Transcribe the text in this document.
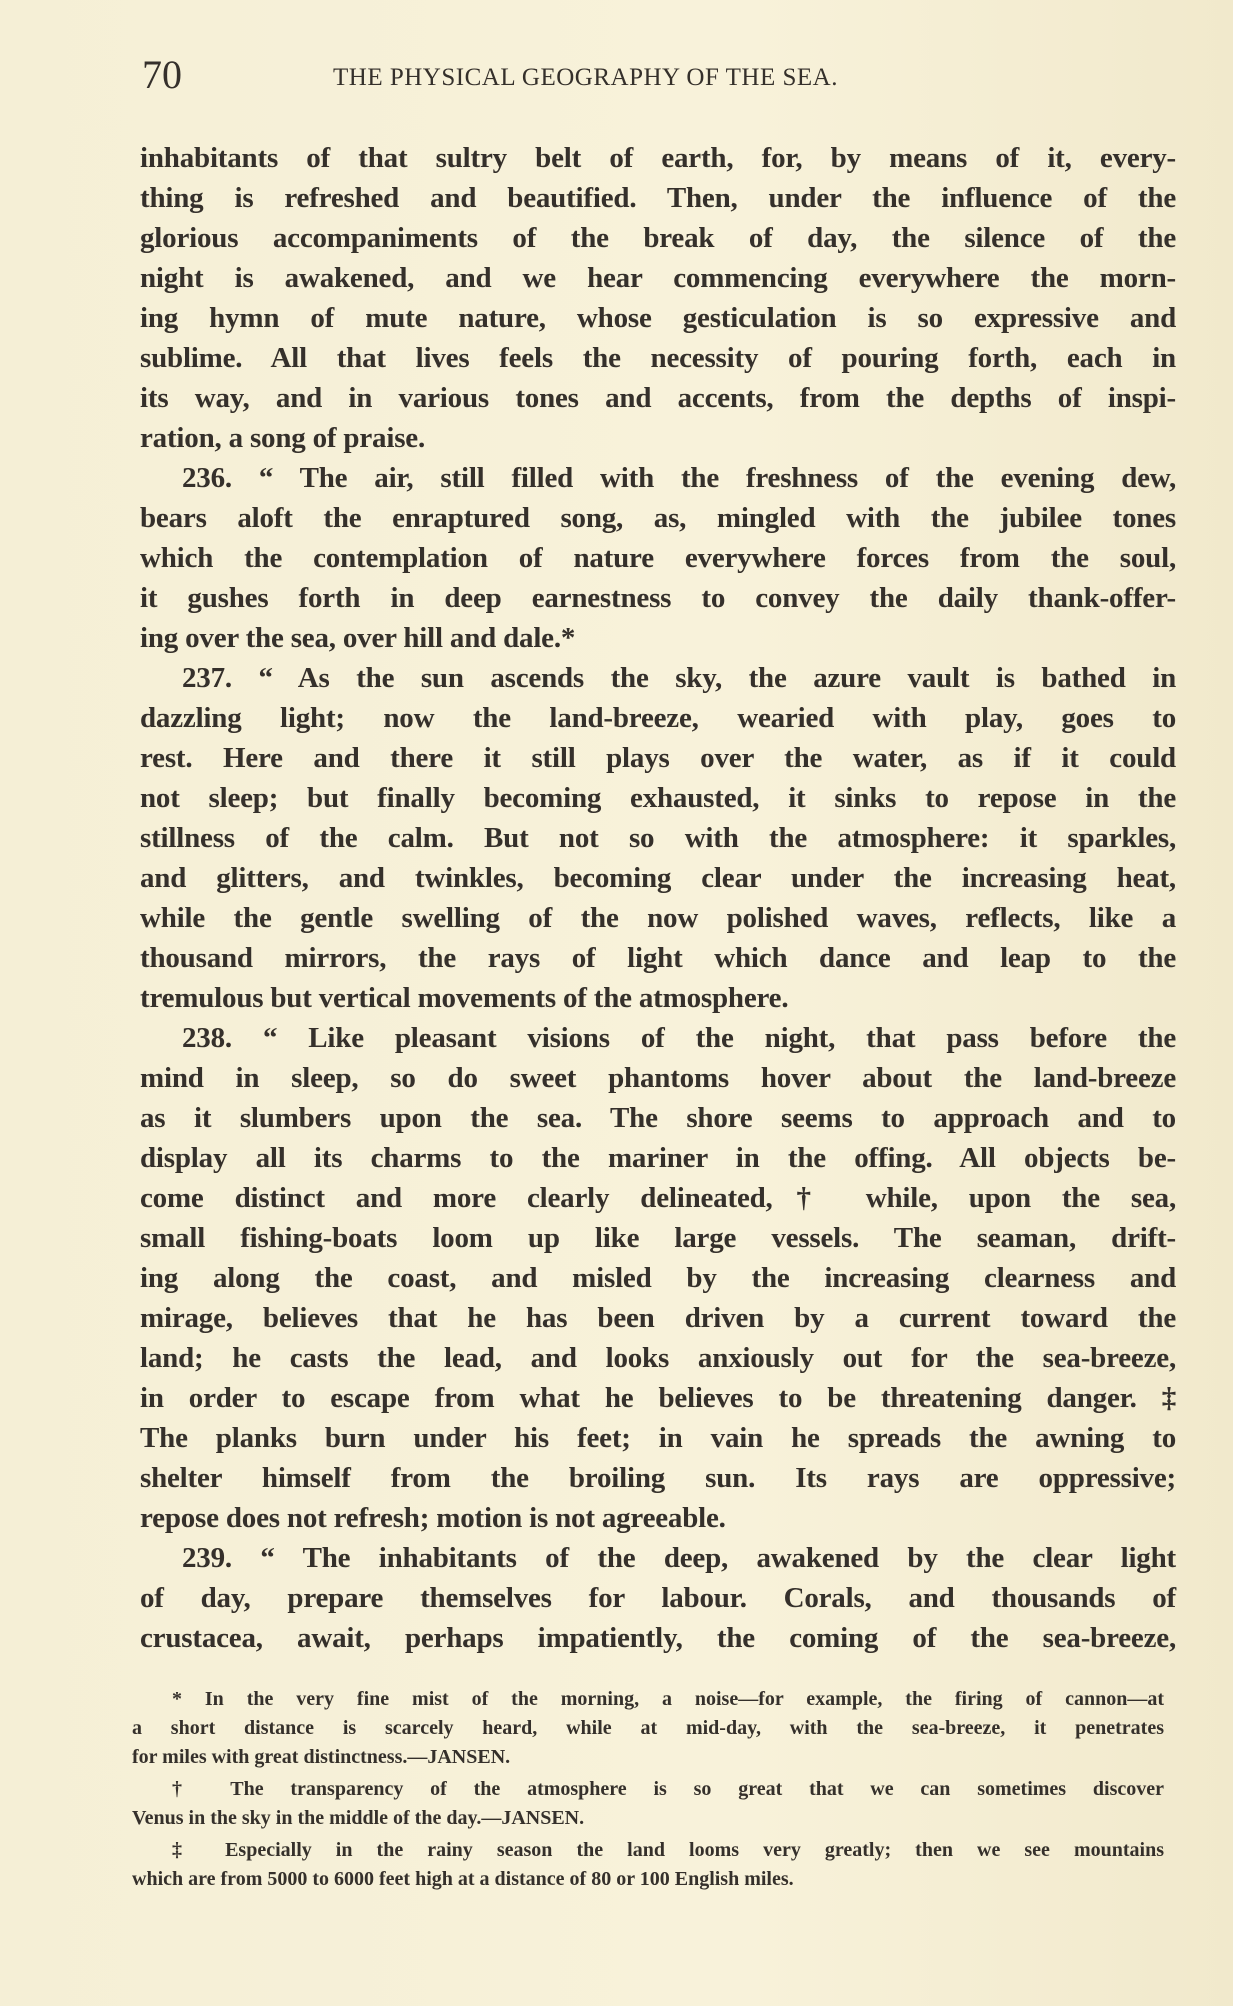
70	THE PHYSICAL GEOGRAPHY OF THE SEA.
inhabitants of that sultry belt of earth, for, by means of it, every-
thing is refreshed and beautified. Then, under the influence of the
glorious accompaniments of the break of day, the silence of the
night is awakened, and we hear commencing everywhere the morn-
ing hymn of mute nature, whose gesticulation is so expressive and
sublime. All that lives feels the necessity of pouring forth, each in
its way, and in various tones and accents, from the depths of inspi-
ration, a song of praise.
236. “ The air, still filled with the freshness of the evening dew,
bears aloft the enraptured song, as, mingled with the jubilee tones
which the contemplation of nature everywhere forces from the soul,
it gushes forth in deep earnestness to convey the daily thank-offer-
ing over the sea, over hill and dale.*
237. “ As the sun ascends the sky, the azure vault is bathed in
dazzling light; now the land-breeze, wearied with play, goes to
rest. Here and there it still plays over the water, as if it could
not sleep; but finally becoming exhausted, it sinks to repose in the
stillness of the calm. But not so with the atmosphere: it sparkles,
and glitters, and twinkles, becoming clear under the increasing heat,
while the gentle swelling of the now polished waves, reflects, like a
thousand mirrors, the rays of light which dance and leap to the
tremulous but vertical movements of the atmosphere.
238. “ Like pleasant visions of the night, that pass before the
mind in sleep, so do sweet phantoms hover about the land-breeze
as it slumbers upon the sea. The shore seems to approach and to
display all its charms to the mariner in the offing. All objects be-
come distinct and more clearly delineated,† while, upon the sea,
small fishing-boats loom up like large vessels. The seaman, drift-
ing along the coast, and misled by the increasing clearness and
mirage, believes that he has been driven by a current toward the
land; he casts the lead, and looks anxiously out for the sea-breeze,
in order to escape from what he believes to be threatening danger. ‡
The planks burn under his feet; in vain he spreads the awning to
shelter himself from the broiling sun. Its rays are oppressive;
repose does not refresh; motion is not agreeable.
239. “ The inhabitants of the deep, awakened by the clear light
of day, prepare themselves for labour. Corals, and thousands of
crustacea, await, perhaps impatiently, the coming of the sea-breeze,
* In the very fine mist of the morning, a noise—for example, the firing of cannon—at
a short distance is scarcely heard, while at mid-day, with the sea-breeze, it penetrates
for miles with great distinctness.—JANSEN.
† The transparency of the atmosphere is so great that we can sometimes discover
Venus in the sky in the middle of the day.—JANSEN.
‡ Especially in the rainy season the land looms very greatly; then we see mountains
which are from 5000 to 6000 feet high at a distance of 80 or 100 English miles.
